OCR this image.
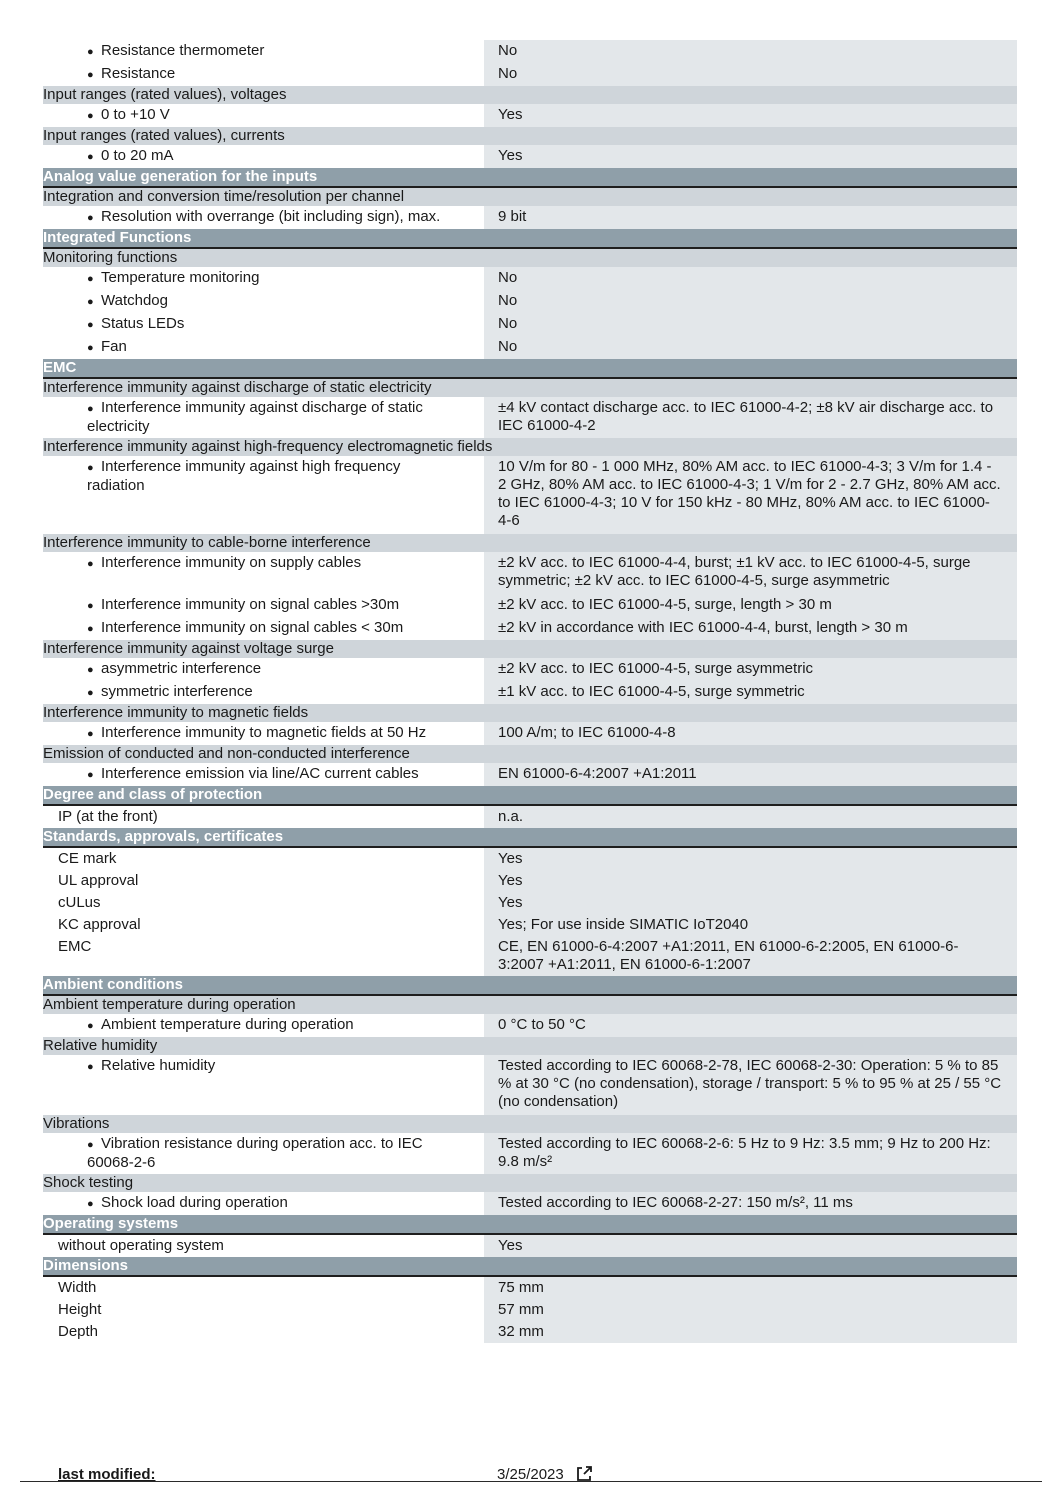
● Resistance thermometer	No
● Resistance	No
Input ranges (rated values), voltages	
● 0 to +10 V	Yes
Input ranges (rated values), currents	
● 0 to 20 mA	Yes
Analog value generation for the inputs	
Integration and conversion time/resolution per channel	
● Resolution with overrange (bit including sign), max.	9 bit
Integrated Functions	
Monitoring functions	
● Temperature monitoring	No
● Watchdog	No
● Status LEDs	No
● Fan	No
EMC	
Interference immunity against discharge of static electricity	
● Interference immunity against discharge of static electricity	±4 kV contact discharge acc. to IEC 61000-4-2; ±8 kV air discharge acc. to IEC 61000-4-2
Interference immunity against high-frequency electromagnetic fields	
● Interference immunity against high frequency radiation	10 V/m for 80 - 1 000 MHz, 80% AM acc. to IEC 61000-4-3; 3 V/m for 1.4 - 2 GHz, 80% AM acc. to IEC 61000-4-3; 1 V/m for 2 - 2.7 GHz, 80% AM acc. to IEC 61000-4-3; 10 V for 150 kHz - 80 MHz, 80% AM acc. to IEC 61000-4-6
Interference immunity to cable-borne interference	
● Interference immunity on supply cables	±2 kV acc. to IEC 61000-4-4, burst; ±1 kV acc. to IEC 61000-4-5, surge symmetric; ±2 kV acc. to IEC 61000-4-5, surge asymmetric
● Interference immunity on signal cables >30m	±2 kV acc. to IEC 61000-4-5, surge, length > 30 m
● Interference immunity on signal cables < 30m	±2 kV in accordance with IEC 61000-4-4, burst, length > 30 m
Interference immunity against voltage surge	
● asymmetric interference	±2 kV acc. to IEC 61000-4-5, surge asymmetric
● symmetric interference	±1 kV acc. to IEC 61000-4-5, surge symmetric
Interference immunity to magnetic fields	
● Interference immunity to magnetic fields at 50 Hz	100 A/m; to IEC 61000-4-8
Emission of conducted and non-conducted interference	
● Interference emission via line/AC current cables	EN 61000-6-4:2007 +A1:2011
Degree and class of protection	
IP (at the front)	n.a.
Standards, approvals, certificates	
CE mark	Yes
UL approval	Yes
cULus	Yes
KC approval	Yes; For use inside SIMATIC IoT2040
EMC	CE, EN 61000-6-4:2007 +A1:2011, EN 61000-6-2:2005, EN 61000-6-3:2007 +A1:2011, EN 61000-6-1:2007
Ambient conditions	
Ambient temperature during operation	
● Ambient temperature during operation	0 °C to 50 °C
Relative humidity	
● Relative humidity	Tested according to IEC 60068-2-78, IEC 60068-2-30: Operation: 5 % to 85 % at 30 °C (no condensation), storage / transport: 5 % to 95 % at 25 / 55 °C (no condensation)
Vibrations	
● Vibration resistance during operation acc. to IEC 60068-2-6	Tested according to IEC 60068-2-6: 5 Hz to 9 Hz: 3.5 mm; 9 Hz to 200 Hz: 9.8 m/s²
Shock testing	
● Shock load during operation	Tested according to IEC 60068-2-27: 150 m/s², 11 ms
Operating systems	
without operating system	Yes
Dimensions	
Width	75 mm
Height	57 mm
Depth	32 mm
last modified:	3/25/2023
